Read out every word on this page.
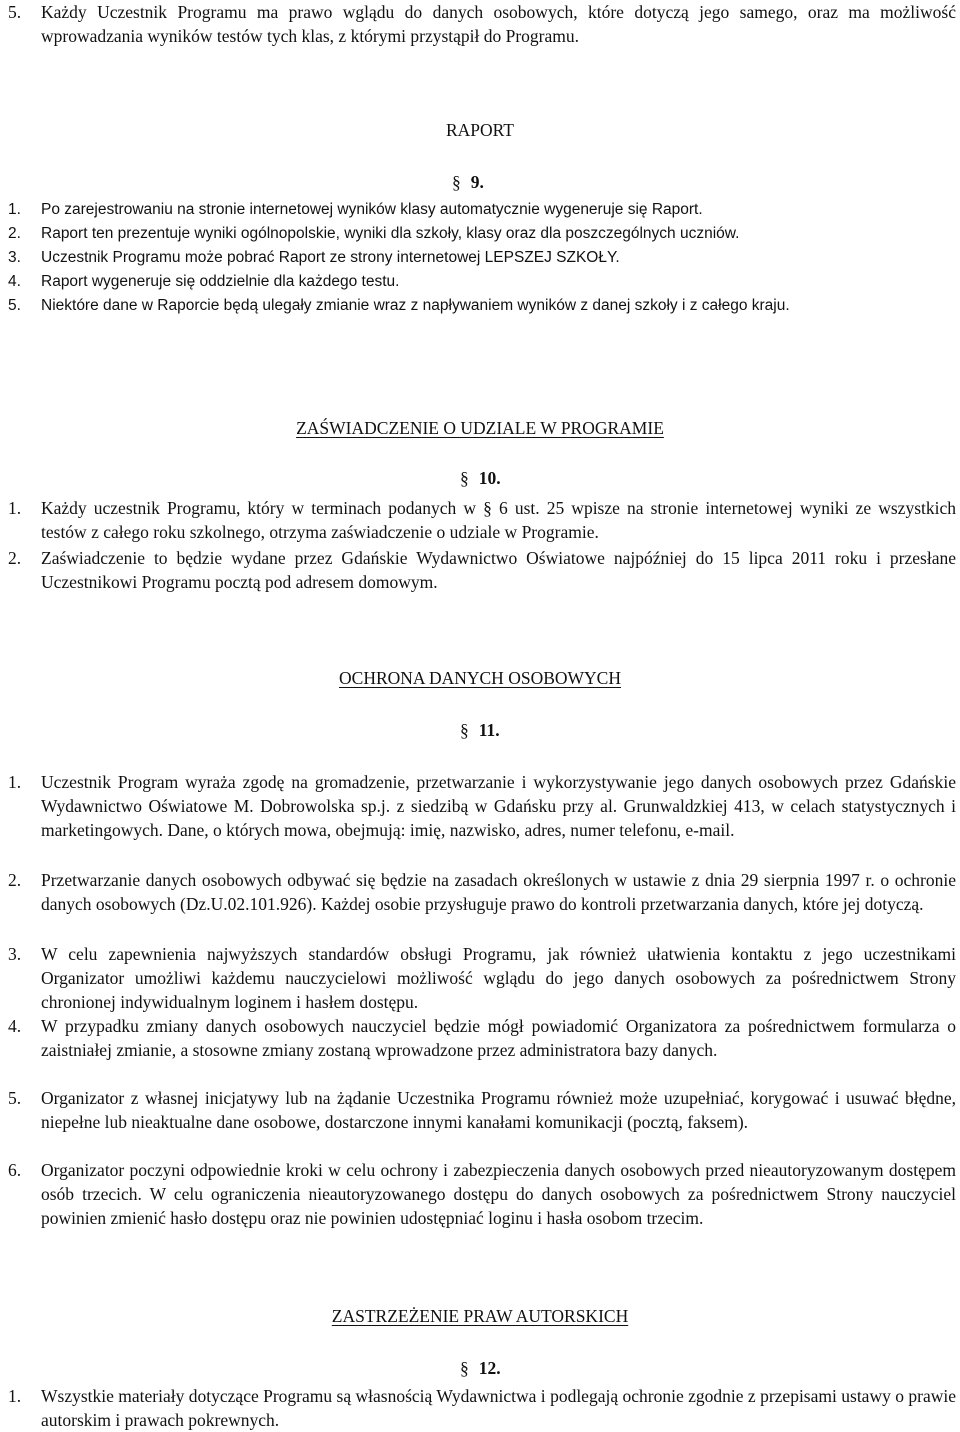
5. Każdy Uczestnik Programu ma prawo wglądu do danych osobowych, które dotyczą jego samego, oraz ma możliwość wprowadzania wyników testów tych klas, z którymi przystąpił do Programu.
RAPORT
§ 9.
1. Po zarejestrowaniu na stronie internetowej wyników klasy automatycznie wygeneruje się Raport.
2. Raport ten prezentuje wyniki ogólnopolskie, wyniki dla szkoły, klasy oraz dla poszczególnych uczniów.
3. Uczestnik Programu może pobrać Raport ze strony internetowej LEPSZEJ SZKOŁY.
4. Raport wygeneruje się oddzielnie dla każdego testu.
5. Niektóre dane w Raporcie będą ulegały zmianie wraz z napływaniem wyników z danej szkoły i z całego kraju.
ZAŚWIADCZENIE O UDZIALE W PROGRAMIE
§ 10.
1. Każdy uczestnik Programu, który w terminach podanych w § 6 ust. 25 wpisze na stronie internetowej wyniki ze wszystkich testów z całego roku szkolnego, otrzyma zaświadczenie o udziale w Programie.
2. Zaświadczenie to będzie wydane przez Gdańskie Wydawnictwo Oświatowe najpóźniej do 15 lipca 2011 roku i przesłane Uczestnikowi Programu pocztą pod adresem domowym.
OCHRONA DANYCH OSOBOWYCH
§ 11.
1. Uczestnik Program wyraża zgodę na gromadzenie, przetwarzanie i wykorzystywanie jego danych osobowych przez Gdańskie Wydawnictwo Oświatowe M. Dobrowolska sp.j. z siedzibą w Gdańsku przy al. Grunwaldzkiej 413, w celach statystycznych i marketingowych. Dane, o których mowa, obejmują: imię, nazwisko, adres, numer telefonu, e-mail.
2. Przetwarzanie danych osobowych odbywać się będzie na zasadach określonych w ustawie z dnia 29 sierpnia 1997 r. o ochronie danych osobowych (Dz.U.02.101.926). Każdej osobie przysługuje prawo do kontroli przetwarzania danych, które jej dotyczą.
3. W celu zapewnienia najwyższych standardów obsługi Programu, jak również ułatwienia kontaktu z jego uczestnikami Organizator umożliwi każdemu nauczycielowi możliwość wglądu do jego danych osobowych za pośrednictwem Strony chronionej indywidualnym loginem i hasłem dostępu.
4. W przypadku zmiany danych osobowych nauczyciel będzie mógł powiadomić Organizatora za pośrednictwem formularza o zaistniałej zmianie, a stosowne zmiany zostaną wprowadzone przez administratora bazy danych.
5. Organizator z własnej inicjatywy lub na żądanie Uczestnika Programu również może uzupełniać, korygować i usuwać błędne, niepełne lub nieaktualne dane osobowe, dostarczone innymi kanałami komunikacji (pocztą, faksem).
6. Organizator poczyni odpowiednie kroki w celu ochrony i zabezpieczenia danych osobowych przed nieautoryzowanym dostępem osób trzecich. W celu ograniczenia nieautoryzowanego dostępu do danych osobowych za pośrednictwem Strony nauczyciel powinien zmienić hasło dostępu oraz nie powinien udostępniać loginu i hasła osobom trzecim.
ZASTRZEŻENIE PRAW AUTORSKICH
§ 12.
1. Wszystkie materiały dotyczące Programu są własnością Wydawnictwa i podlegają ochronie zgodnie z przepisami ustawy o prawie autorskim i prawach pokrewnych.
